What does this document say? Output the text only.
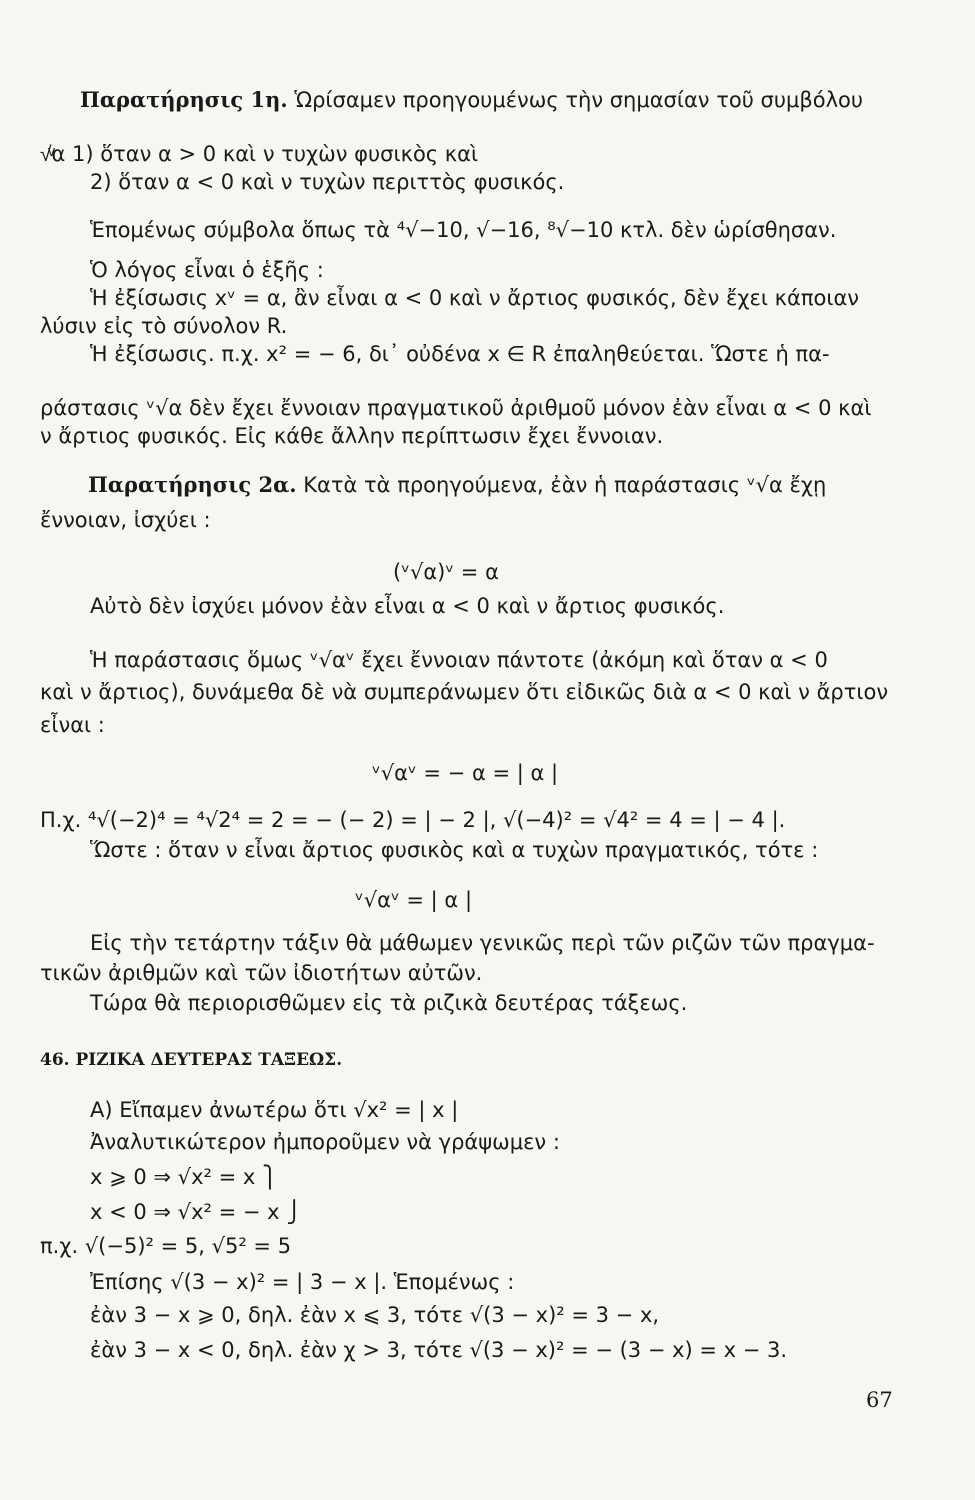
Παρατήρησις 1η. Ὡρίσαμεν προηγουμένως τὴν σημασίαν τοῦ συμβόλου
√ͮα 1) ὅταν α > 0 καὶ ν τυχὼν φυσικὸς καὶ
2) ὅταν α < 0 καὶ ν τυχὼν περιττὸς φυσικός.
Ἑπομένως σύμβολα ὅπως τὰ ⁴√−10, √−16, ⁸√−10 κτλ. δὲν ὡρίσθησαν.
Ὁ λόγος εἶναι ὁ ἑξῆς :
Ἡ ἐξίσωσις xᵛ = α, ἂν εἶναι α < 0 καὶ ν ἄρτιος φυσικός, δὲν ἔχει κάποιαν
λύσιν εἰς τὸ σύνολον R.
Ἡ ἐξίσωσις. π.χ. x² = − 6, δι᾿ οὐδένα x ∈ R ἐπαληθεύεται. Ὥστε ἡ πα-
ράστασις ᵛ√α δὲν ἔχει ἔννοιαν πραγματικοῦ ἀριθμοῦ μόνον ἐὰν εἶναι α < 0 καὶ
ν ἄρτιος φυσικός. Εἰς κάθε ἄλλην περίπτωσιν ἔχει ἔννοιαν.
Παρατήρησις 2α. Κατὰ τὰ προηγούμενα, ἐὰν ἡ παράστασις ᵛ√α ἔχῃ
ἔννοιαν, ἰσχύει :
(ᵛ√α)ᵛ = α
Αὐτὸ δὲν ἰσχύει μόνον ἐὰν εἶναι α < 0 καὶ ν ἄρτιος φυσικός.
Ἡ παράστασις ὅμως ᵛ√αᵛ ἔχει ἔννοιαν πάντοτε (ἀκόμη καὶ ὅταν α < 0
καὶ ν ἄρτιος), δυνάμεθα δὲ νὰ συμπεράνωμεν ὅτι εἰδικῶς διὰ α < 0 καὶ ν ἄρτιον
εἶναι :
ᵛ√αᵛ = − α = | α |
Π.χ. ⁴√(−2)⁴ = ⁴√2⁴ = 2 = − (− 2) = | − 2 |, √(−4)² = √4² = 4 = | − 4 |.
Ὥστε : ὅταν ν εἶναι ἄρτιος φυσικὸς καὶ α τυχὼν πραγματικός, τότε :
ᵛ√αᵛ = | α |
Εἰς τὴν τετάρτην τάξιν θὰ μάθωμεν γενικῶς περὶ τῶν ριζῶν τῶν πραγμα-
τικῶν ἀριθμῶν καὶ τῶν ἰδιοτήτων αὐτῶν.
Τώρα θὰ περιορισθῶμεν εἰς τὰ ριζικὰ δευτέρας τάξεως.
Α) Εἴπαμεν ἀνωτέρω ὅτι √x² = | x |
Ἀναλυτικώτερον ἠμποροῦμεν νὰ γράψωμεν :
x ⩾ 0 ⇒ √x² = x ⎫
x < 0 ⇒ √x² = − x ⎭
π.χ. √(−5)² = 5, √5² = 5
Ἐπίσης √(3 − x)² = | 3 − x |. Ἑπομένως :
ἐὰν 3 − x ⩾ 0, δηλ. ἐὰν x ⩽ 3, τότε √(3 − x)² = 3 − x,
ἐὰν 3 − x < 0, δηλ. ἐὰν χ > 3, τότε √(3 − x)² = − (3 − x) = x − 3.
46. ΡΙΖΙΚΑ ΔΕΥΤΕΡΑΣ ΤΑΞΕΩΣ.
67
